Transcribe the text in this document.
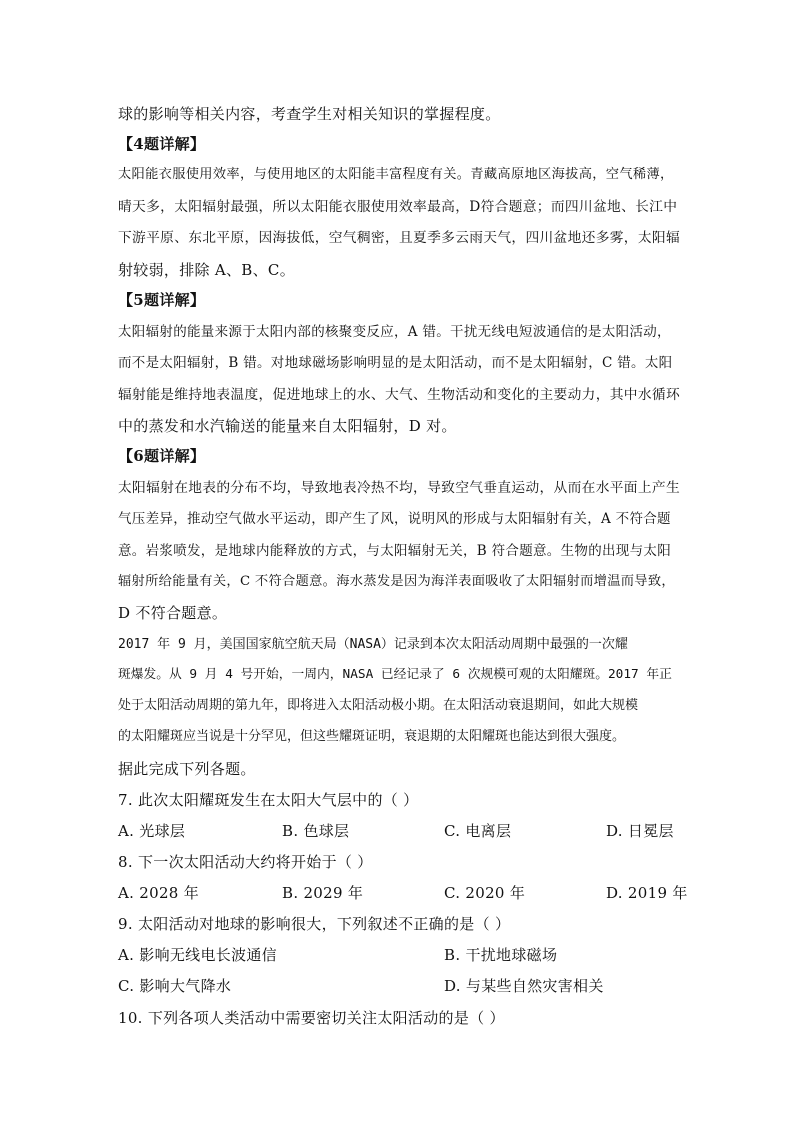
球的影响等相关内容，考查学生对相关知识的掌握程度。
【4题详解】
太阳能衣服使用效率，与使用地区的太阳能丰富程度有关。青藏高原地区海拔高，空气稀薄，
晴天多，太阳辐射最强，所以太阳能衣服使用效率最高，D符合题意；而四川盆地、长江中
下游平原、东北平原，因海拔低，空气稠密，且夏季多云雨天气，四川盆地还多雾，太阳辐
射较弱，排除 A、B、C。
【5题详解】
太阳辐射的能量来源于太阳内部的核聚变反应，A 错。干扰无线电短波通信的是太阳活动，
而不是太阳辐射，B 错。对地球磁场影响明显的是太阳活动，而不是太阳辐射，C 错。太阳
辐射能是维持地表温度，促进地球上的水、大气、生物活动和变化的主要动力，其中水循环
中的蒸发和水汽输送的能量来自太阳辐射，D 对。
【6题详解】
太阳辐射在地表的分布不均，导致地表冷热不均，导致空气垂直运动，从而在水平面上产生
气压差异，推动空气做水平运动，即产生了风，说明风的形成与太阳辐射有关，A 不符合题
意。岩浆喷发，是地球内能释放的方式，与太阳辐射无关，B 符合题意。生物的出现与太阳
辐射所给能量有关，C 不符合题意。海水蒸发是因为海洋表面吸收了太阳辐射而增温而导致，
D 不符合题意。
2017 年 9 月，美国国家航空航天局（NASA）记录到本次太阳活动周期中最强的一次耀
斑爆发。从 9 月 4 号开始，一周内，NASA 已经记录了 6 次规模可观的太阳耀斑。2017 年正
处于太阳活动周期的第九年，即将进入太阳活动极小期。在太阳活动衰退期间，如此大规模
的太阳耀斑应当说是十分罕见，但这些耀斑证明，衰退期的太阳耀斑也能达到很大强度。
据此完成下列各题。
7. 此次太阳耀斑发生在太阳大气层中的（ ）
A. 光球层	B. 色球层	C. 电离层	D. 日冕层
8. 下一次太阳活动大约将开始于（ ）
A. 2028 年	B. 2029 年	C. 2020 年	D. 2019 年
9. 太阳活动对地球的影响很大，下列叙述不正确的是（ ）
A. 影响无线电长波通信	B. 干扰地球磁场
C. 影响大气降水	D. 与某些自然灾害相关
10. 下列各项人类活动中需要密切关注太阳活动的是（ ）
